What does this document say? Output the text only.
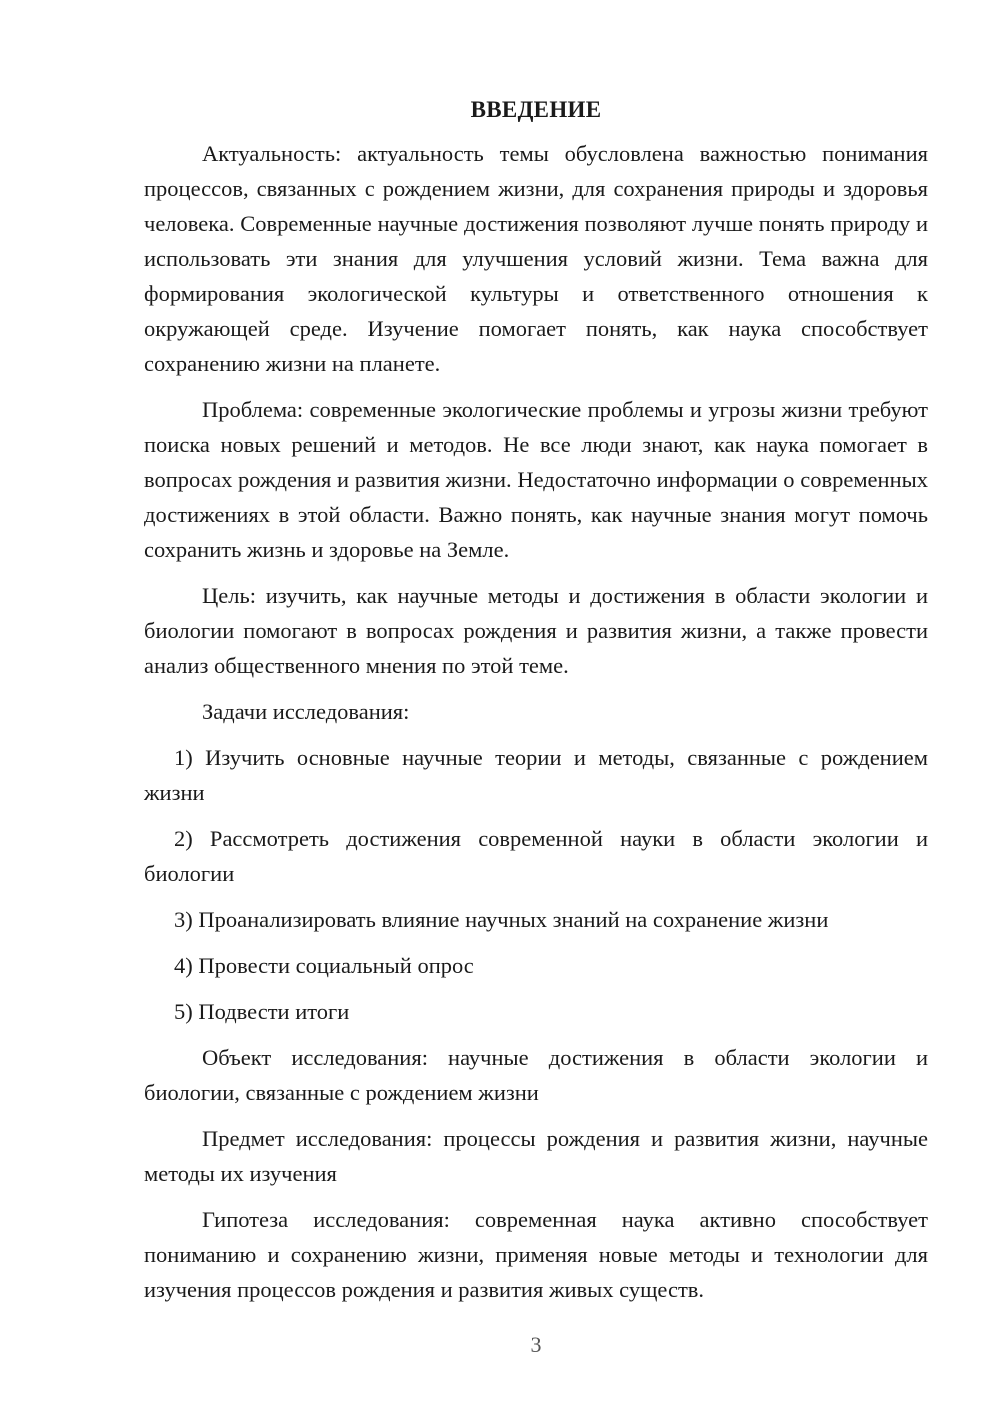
ВВЕДЕНИЕ

Актуальность: актуальность темы обусловлена важностью понимания процессов, связанных с рождением жизни, для сохранения природы и здоровья человека. Современные научные достижения позволяют лучше понять природу и использовать эти знания для улучшения условий жизни. Тема важна для формирования экологической культуры и ответственного отношения к окружающей среде. Изучение помогает понять, как наука способствует сохранению жизни на планете.

Проблема: современные экологические проблемы и угрозы жизни требуют поиска новых решений и методов. Не все люди знают, как наука помогает в вопросах рождения и развития жизни. Недостаточно информации о современных достижениях в этой области. Важно понять, как научные знания могут помочь сохранить жизнь и здоровье на Земле.

Цель: изучить, как научные методы и достижения в области экологии и биологии помогают в вопросах рождения и развития жизни, а также провести анализ общественного мнения по этой теме.

Задачи исследования:

1) Изучить основные научные теории и методы, связанные с рождением жизни

2) Рассмотреть достижения современной науки в области экологии и биологии

3) Проанализировать влияние научных знаний на сохранение жизни

4) Провести социальный опрос

5) Подвести итоги

Объект исследования: научные достижения в области экологии и биологии, связанные с рождением жизни

Предмет исследования: процессы рождения и развития жизни, научные методы их изучения

Гипотеза исследования: современная наука активно способствует пониманию и сохранению жизни, применяя новые методы и технологии для изучения процессов рождения и развития живых существ.

3
